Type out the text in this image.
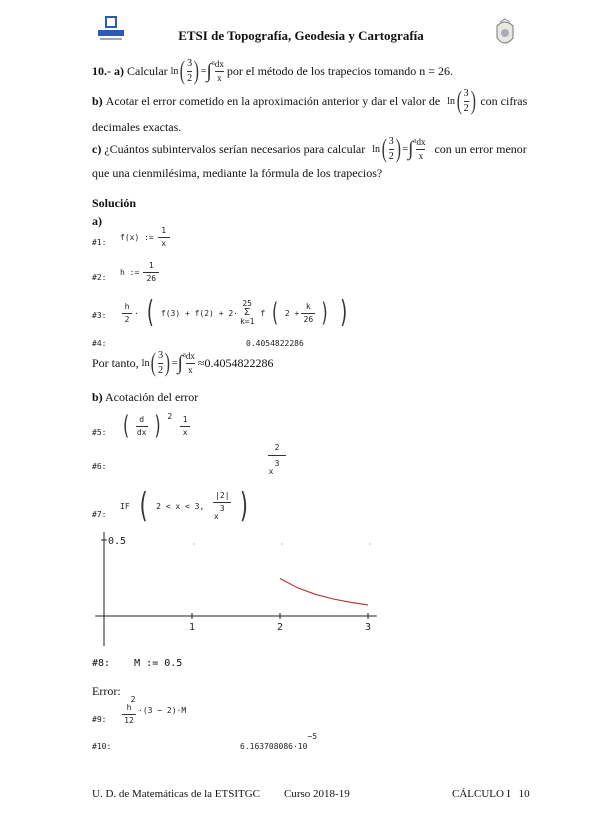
ETSI de Topografía, Geodesia y Cartografía
10.- a) Calcular ln ( $\frac{3}{2}$ ) = ∫ $3 \frac{dx}{x}$ por el método de los trapecios tomando n = 26.
b) Acotar el error cometido en la aproximación anterior y dar el valor de ln ( $\frac{3}{2}$ ) con cifras
decimales exactas.
c) ¿Cuántos subintervalos serían necesarios para calcular ln ( $\frac{3}{2}$ ) = ∫ $3 \frac{dx}{x}$ con un error menor
que una cienmilésima, mediante la fórmula de los trapecios?
Solución
a)
#1:
f(x) := $\frac{1}{x}$
#2:
h := $\frac{1}{26}$
#3: $\frac{h}{2}$ · ( f(3) + f(2) + 2·
25
Σ
k=1
f ( $2 + \frac{k}{26}$ ) )
#4:	0.4054822286
Por tanto, ln ( $\frac{3}{2}$ ) = ∫ $3 \frac{dx}{x} \approx 0.4054822286$
b) Acotación del error
#5: ( $\frac{d}{dx}$ ) $2 \frac{1}{x}$
#6:
2
3
x
#7:
IF ( 2 < x < 3,
|2|
3
x )
1	2	3
0.5
#8:    M := 0.5
Error:
#9:
2
h
12
·(3 − 2)·M
#10:	6.163708086·10−5
U. D. de Matemáticas de la ETSITGC Curso 2018-19	CÁLCULO I   10
